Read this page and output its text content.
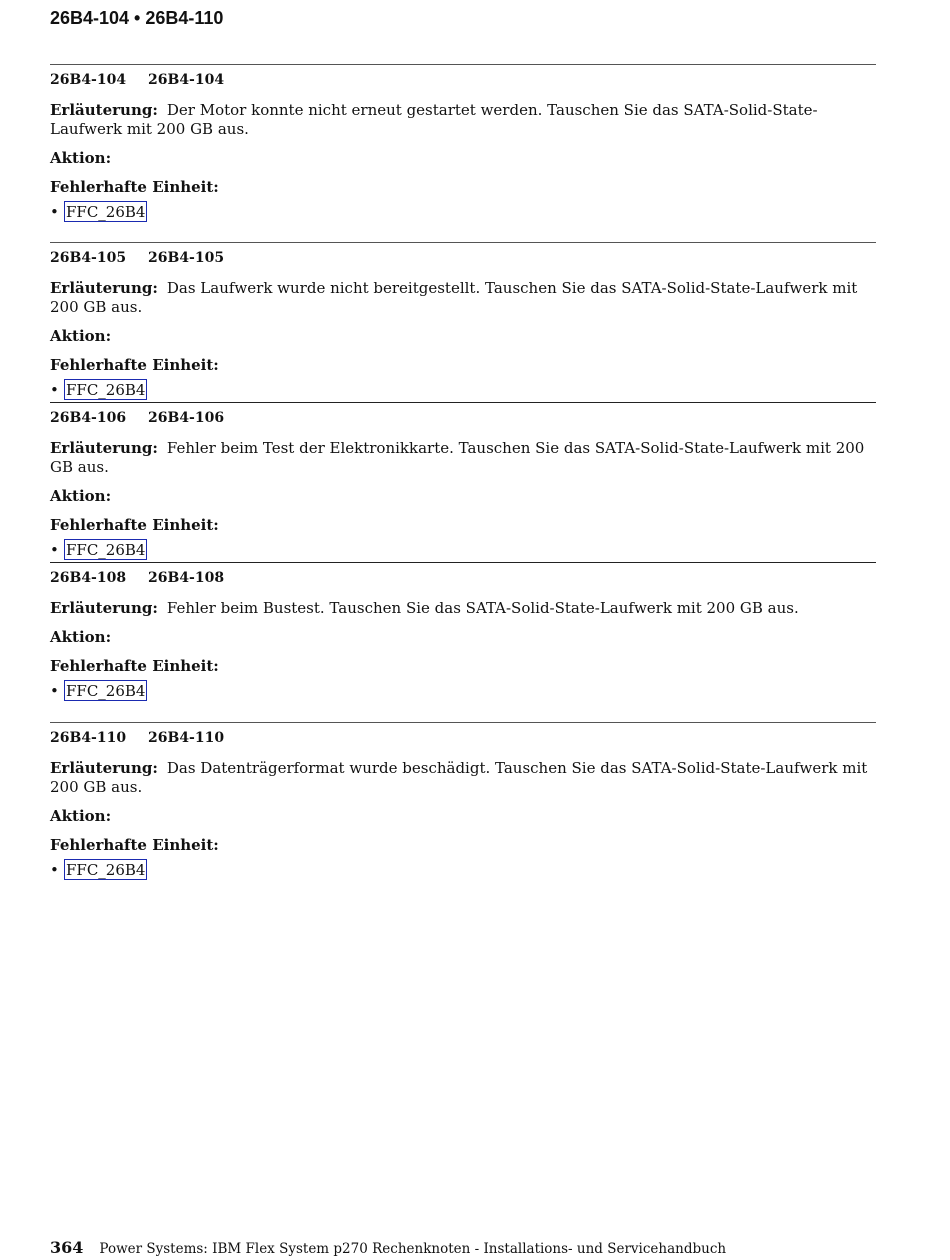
26B4-104 • 26B4-110
26B4-104 26B4-104
Erläuterung: Der Motor konnte nicht erneut gestartet werden. Tauschen Sie das SATA-Solid-State-Laufwerk mit 200 GB aus.
Aktion:
Fehlerhafte Einheit:
• FFC_26B4
26B4-105 26B4-105
Erläuterung: Das Laufwerk wurde nicht bereitgestellt. Tauschen Sie das SATA-Solid-State-Laufwerk mit 200 GB aus.
Aktion:
Fehlerhafte Einheit:
• FFC_26B4
26B4-106 26B4-106
Erläuterung: Fehler beim Test der Elektronikkarte. Tauschen Sie das SATA-Solid-State-Laufwerk mit 200 GB aus.
Aktion:
Fehlerhafte Einheit:
• FFC_26B4
26B4-108 26B4-108
Erläuterung: Fehler beim Bustest. Tauschen Sie das SATA-Solid-State-Laufwerk mit 200 GB aus.
Aktion:
Fehlerhafte Einheit:
• FFC_26B4
26B4-110 26B4-110
Erläuterung: Das Datenträgerformat wurde beschädigt. Tauschen Sie das SATA-Solid-State-Laufwerk mit 200 GB aus.
Aktion:
Fehlerhafte Einheit:
• FFC_26B4
364 Power Systems: IBM Flex System p270 Rechenknoten - Installations- und Servicehandbuch
